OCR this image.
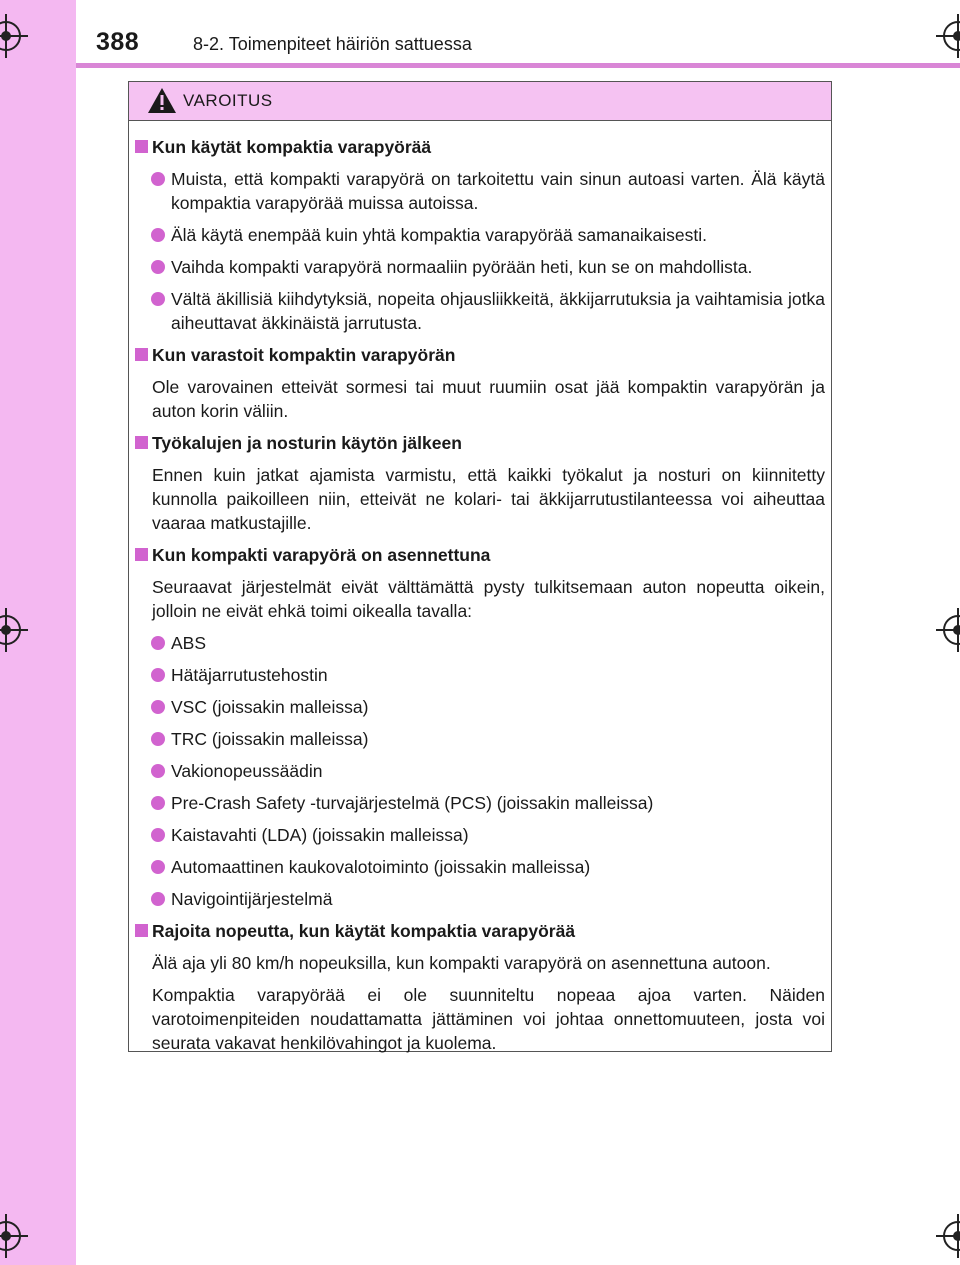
388	8-2. Toimenpiteet häiriön sattuessa
VAROITUS
Kun käytät kompaktia varapyörää
Muista, että kompakti varapyörä on tarkoitettu vain sinun autoasi varten. Älä käytä kompaktia varapyörää muissa autoissa.
Älä käytä enempää kuin yhtä kompaktia varapyörää samanaikaisesti.
Vaihda kompakti varapyörä normaaliin pyörään heti, kun se on mahdollista.
Vältä äkillisiä kiihdytyksiä, nopeita ohjausliikkeitä, äkkijarrutuksia ja vaihtamisia jotka aiheuttavat äkkinäistä jarrutusta.
Kun varastoit kompaktin varapyörän
Ole varovainen etteivät sormesi tai muut ruumiin osat jää kompaktin varapyörän ja auton korin väliin.
Työkalujen ja nosturin käytön jälkeen
Ennen kuin jatkat ajamista varmistu, että kaikki työkalut ja nosturi on kiinnitetty kunnolla paikoilleen niin, etteivät ne kolari- tai äkkijarrutustilanteessa voi aiheuttaa vaaraa matkustajille.
Kun kompakti varapyörä on asennettuna
Seuraavat järjestelmät eivät välttämättä pysty tulkitsemaan auton nopeutta oikein, jolloin ne eivät ehkä toimi oikealla tavalla:
ABS
Hätäjarrutustehostin
VSC (joissakin malleissa)
TRC (joissakin malleissa)
Vakionopeussäädin
Pre-Crash Safety -turvajärjestelmä (PCS) (joissakin malleissa)
Kaistavahti (LDA) (joissakin malleissa)
Automaattinen kaukovalotoiminto (joissakin malleissa)
Navigointijärjestelmä
Rajoita nopeutta, kun käytät kompaktia varapyörää
Älä aja yli 80 km/h nopeuksilla, kun kompakti varapyörä on asennettuna autoon.
Kompaktia varapyörää ei ole suunniteltu nopeaa ajoa varten. Näiden varotoimenpiteiden noudattamatta jättäminen voi johtaa onnettomuuteen, josta voi seurata vakavat henkilövahingot ja kuolema.
